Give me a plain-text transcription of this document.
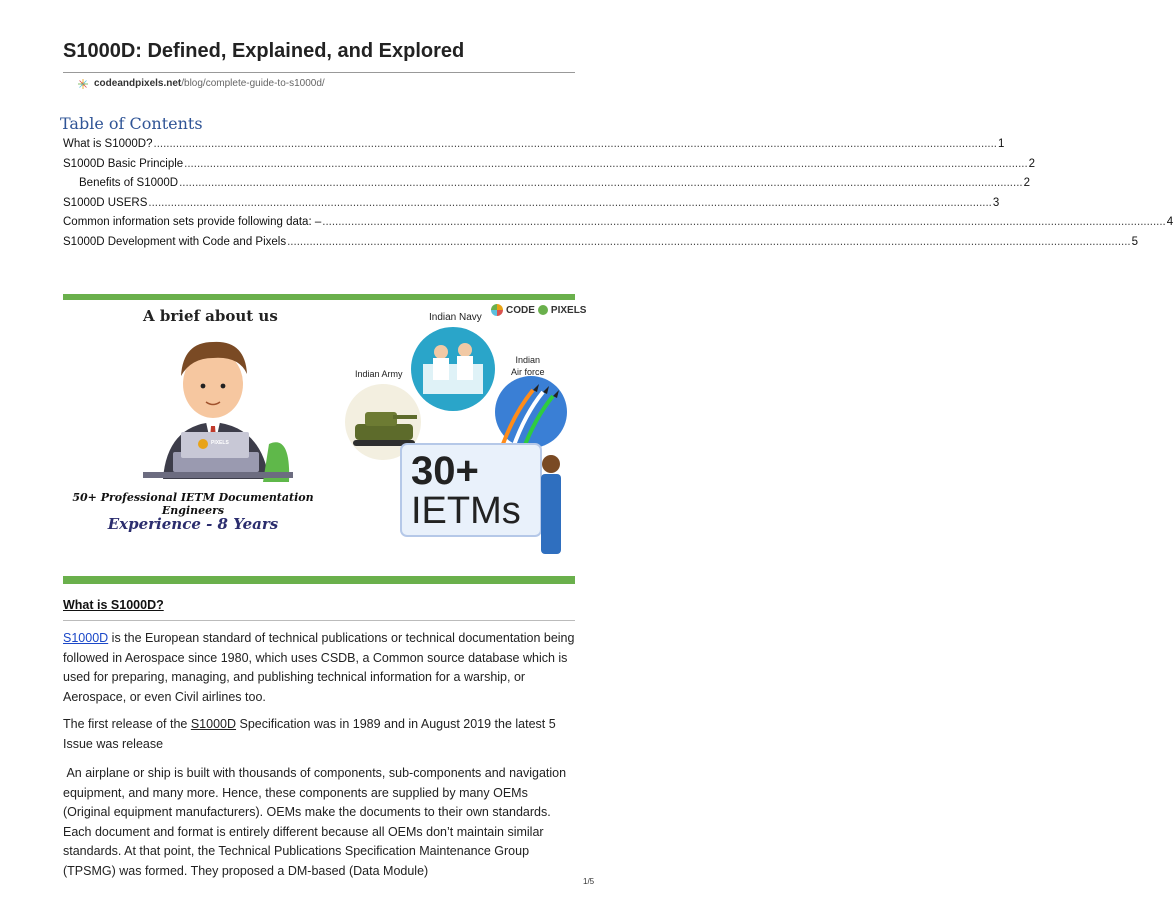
S1000D: Defined, Explained, and Explored
codeandpixels.net/blog/complete-guide-to-s1000d/
Table of Contents
What is S1000D? .....	1
S1000D Basic Principle .....	2
Benefits of S1000D .....	2
S1000D USERS .....	3
Common information sets provide following data: – .....	4
S1000D Development with Code and Pixels .....	5
A brief about us	Indian Navy
CODE PIXELS
Indian Army
Indian
Air force
PIXELS
50+ Professional IETM Documentation Engineers
Experience - 8 Years
30+
IETMs
What is S1000D?

S1000D is the European standard of technical publications or technical documentation being followed in Aerospace since 1980, which uses CSDB, a Common source database which is used for preparing, managing, and publishing technical information for a warship, or Aerospace, or even Civil airlines too.

The first release of the S1000D Specification was in 1989 and in August 2019 the latest 5 Issue was release

An airplane or ship is built with thousands of components, sub-components and navigation equipment, and many more. Hence, these components are supplied by many OEMs (Original equipment manufacturers). OEMs make the documents to their own standards. Each document and format is entirely different because all OEMs don’t maintain similar standards. At that point, the Technical Publications Specification Maintenance Group (TPSMG) was formed. They proposed a DM-based (Data Module)

1/5
